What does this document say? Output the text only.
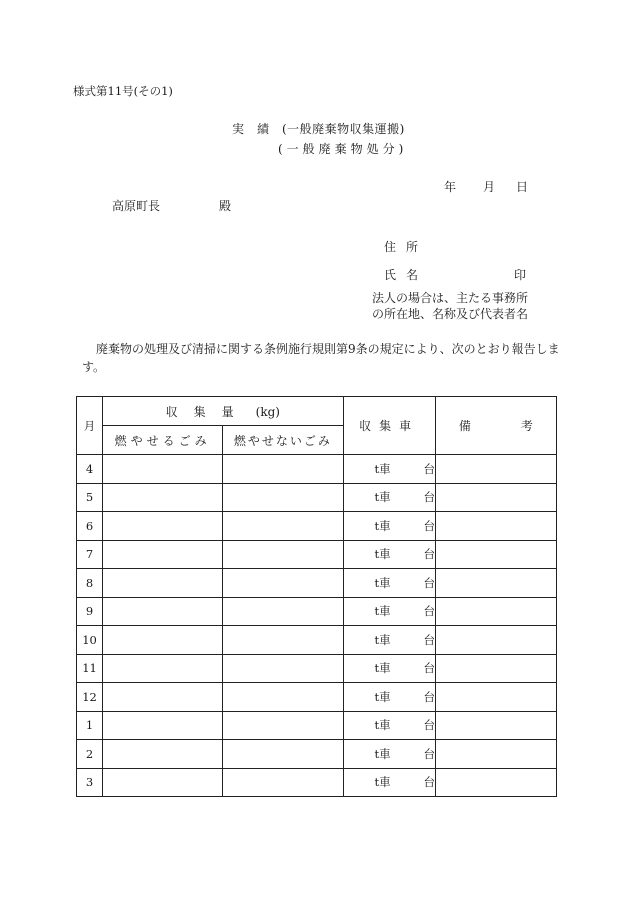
様式第11号(その1)
実　績　(一般廃棄物収集運搬)
(一般廃棄物処分)
年 月 日
高原町長	殿
住所
氏名	印
法人の場合は、主たる事務所
の所在地、名称及び代表者名
廃棄物の処理及び清掃に関する条例施行規則第9条の規定により、次のとおり報告しま
す。
月	収集量 (kg)		収集車	備 考
	燃やせるごみ	燃やせないごみ		
4			t車 台	

5			t車 台	

6			t車 台	

7			t車 台	

8			t車 台	

9			t車 台	

10			t車 台	

11			t車 台	

12			t車 台	

1			t車 台	

2			t車 台	

3			t車 台	
